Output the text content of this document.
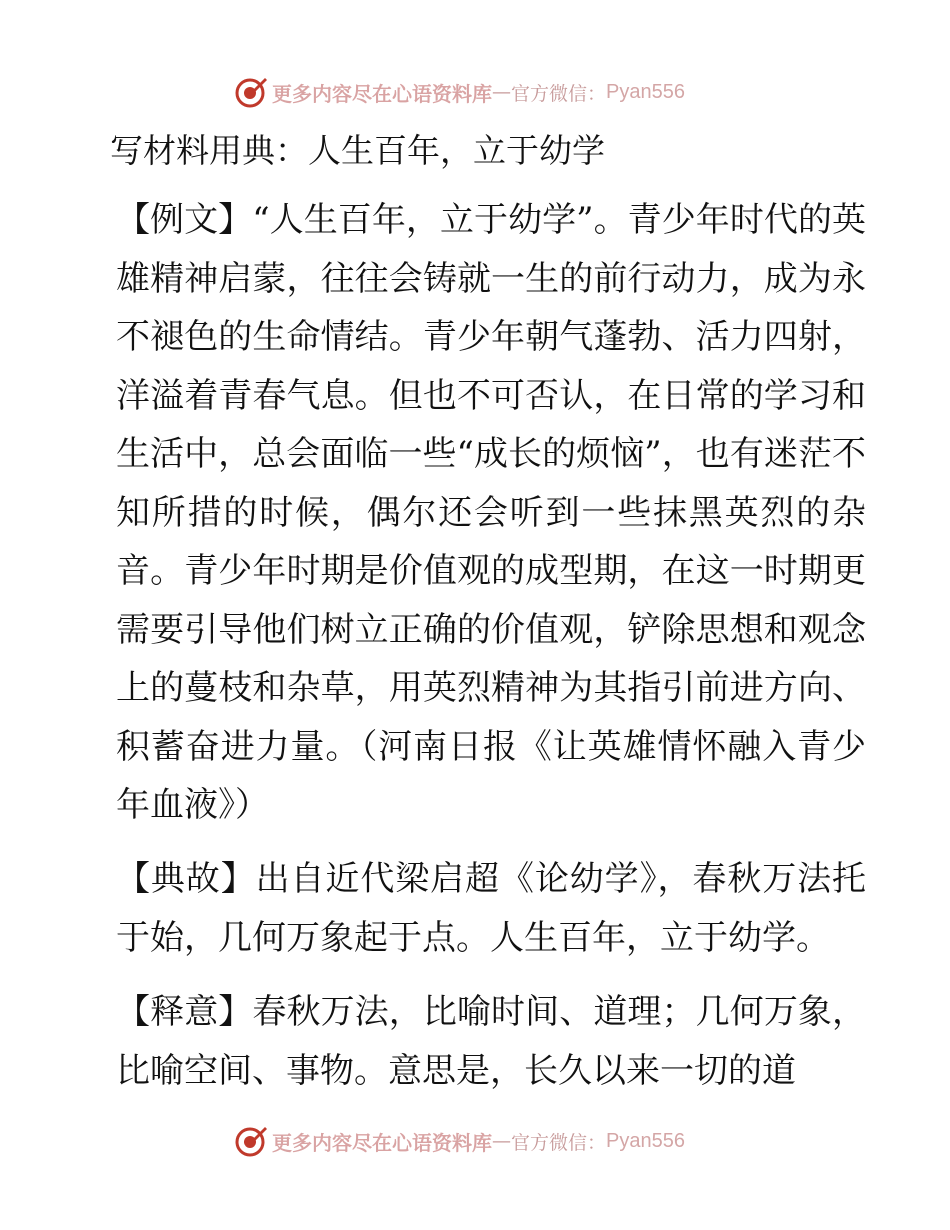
更多内容尽在心语资料库 — 官方微信： Pyan556
写材料用典：人生百年，立于幼学
【例文】“人生百年，立于幼学”。青少年时代的英雄精神启蒙，往往会铸就一生的前行动力，成为永不褪色的生命情结。青少年朝气蓬勃、活力四射，洋溢着青春气息。但也不可否认，在日常的学习和生活中，总会面临一些“成长的烦恼”，也有迷茫不知所措的时候，偶尔还会听到一些抹黑英烈的杂音。青少年时期是价值观的成型期，在这一时期更需要引导他们树立正确的价值观，铲除思想和观念上的蔓枝和杂草，用英烈精神为其指引前进方向、积蓄奋进力量。（河南日报《让英雄情怀融入青少年血液》）
【典故】出自近代梁启超《论幼学》，春秋万法托于始，几何万象起于点。人生百年，立于幼学。
【释意】春秋万法，比喻时间、道理；几何万象，比喻空间、事物。意思是，长久以来一切的道
更多内容尽在心语资料库 — 官方微信： Pyan556
